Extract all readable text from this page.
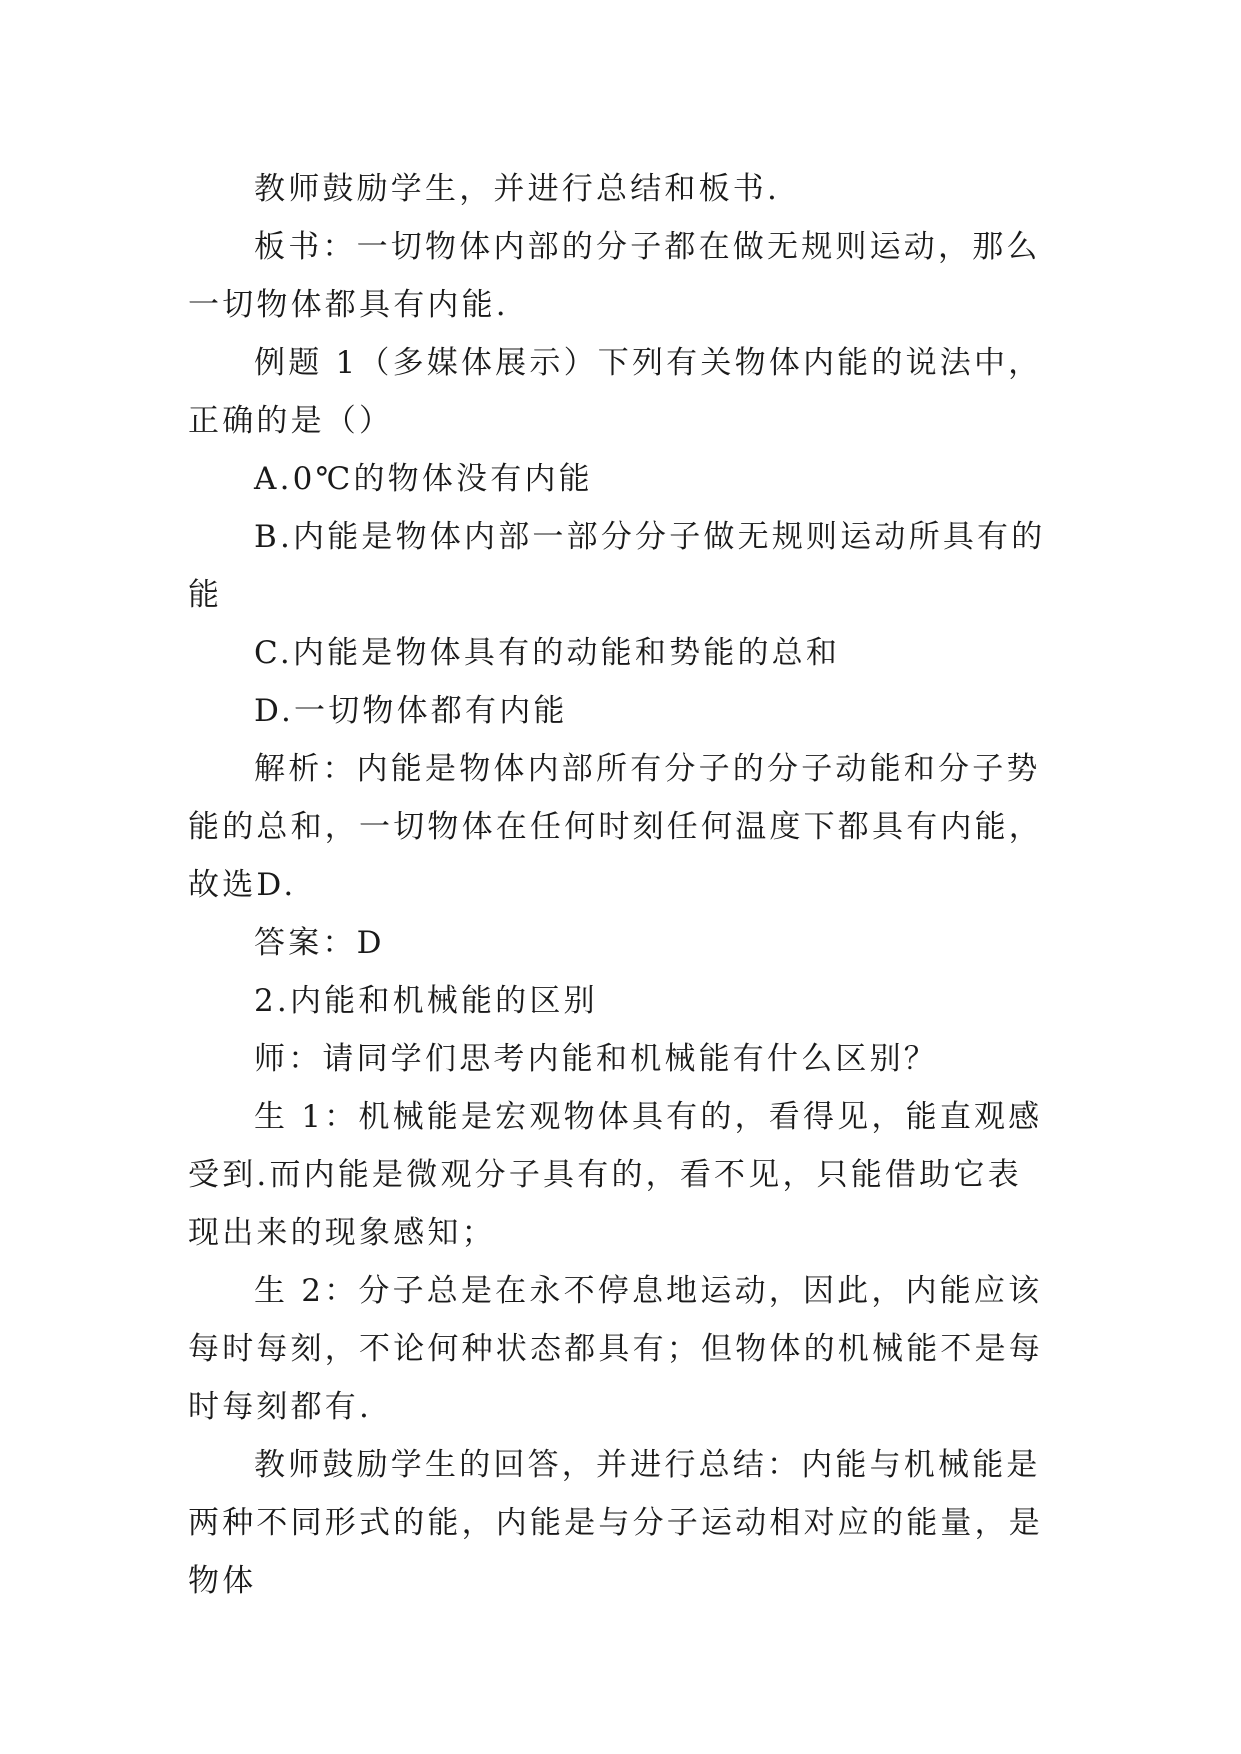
教师鼓励学生，并进行总结和板书.

板书：一切物体内部的分子都在做无规则运动，那么一切物体都具有内能.

例题 1（多媒体展示）下列有关物体内能的说法中，正确的是（）

A.0℃的物体没有内能

B.内能是物体内部一部分分子做无规则运动所具有的能

C.内能是物体具有的动能和势能的总和

D.一切物体都有内能

解析：内能是物体内部所有分子的分子动能和分子势能的总和，一切物体在任何时刻任何温度下都具有内能，故选D.

答案：D

2.内能和机械能的区别

师：请同学们思考内能和机械能有什么区别？

生 1：机械能是宏观物体具有的，看得见，能直观感受到.而内能是微观分子具有的，看不见，只能借助它表现出来的现象感知；

生 2：分子总是在永不停息地运动，因此，内能应该每时每刻，不论何种状态都具有；但物体的机械能不是每时每刻都有.

教师鼓励学生的回答，并进行总结：内能与机械能是两种不同形式的能，内能是与分子运动相对应的能量，是物体
